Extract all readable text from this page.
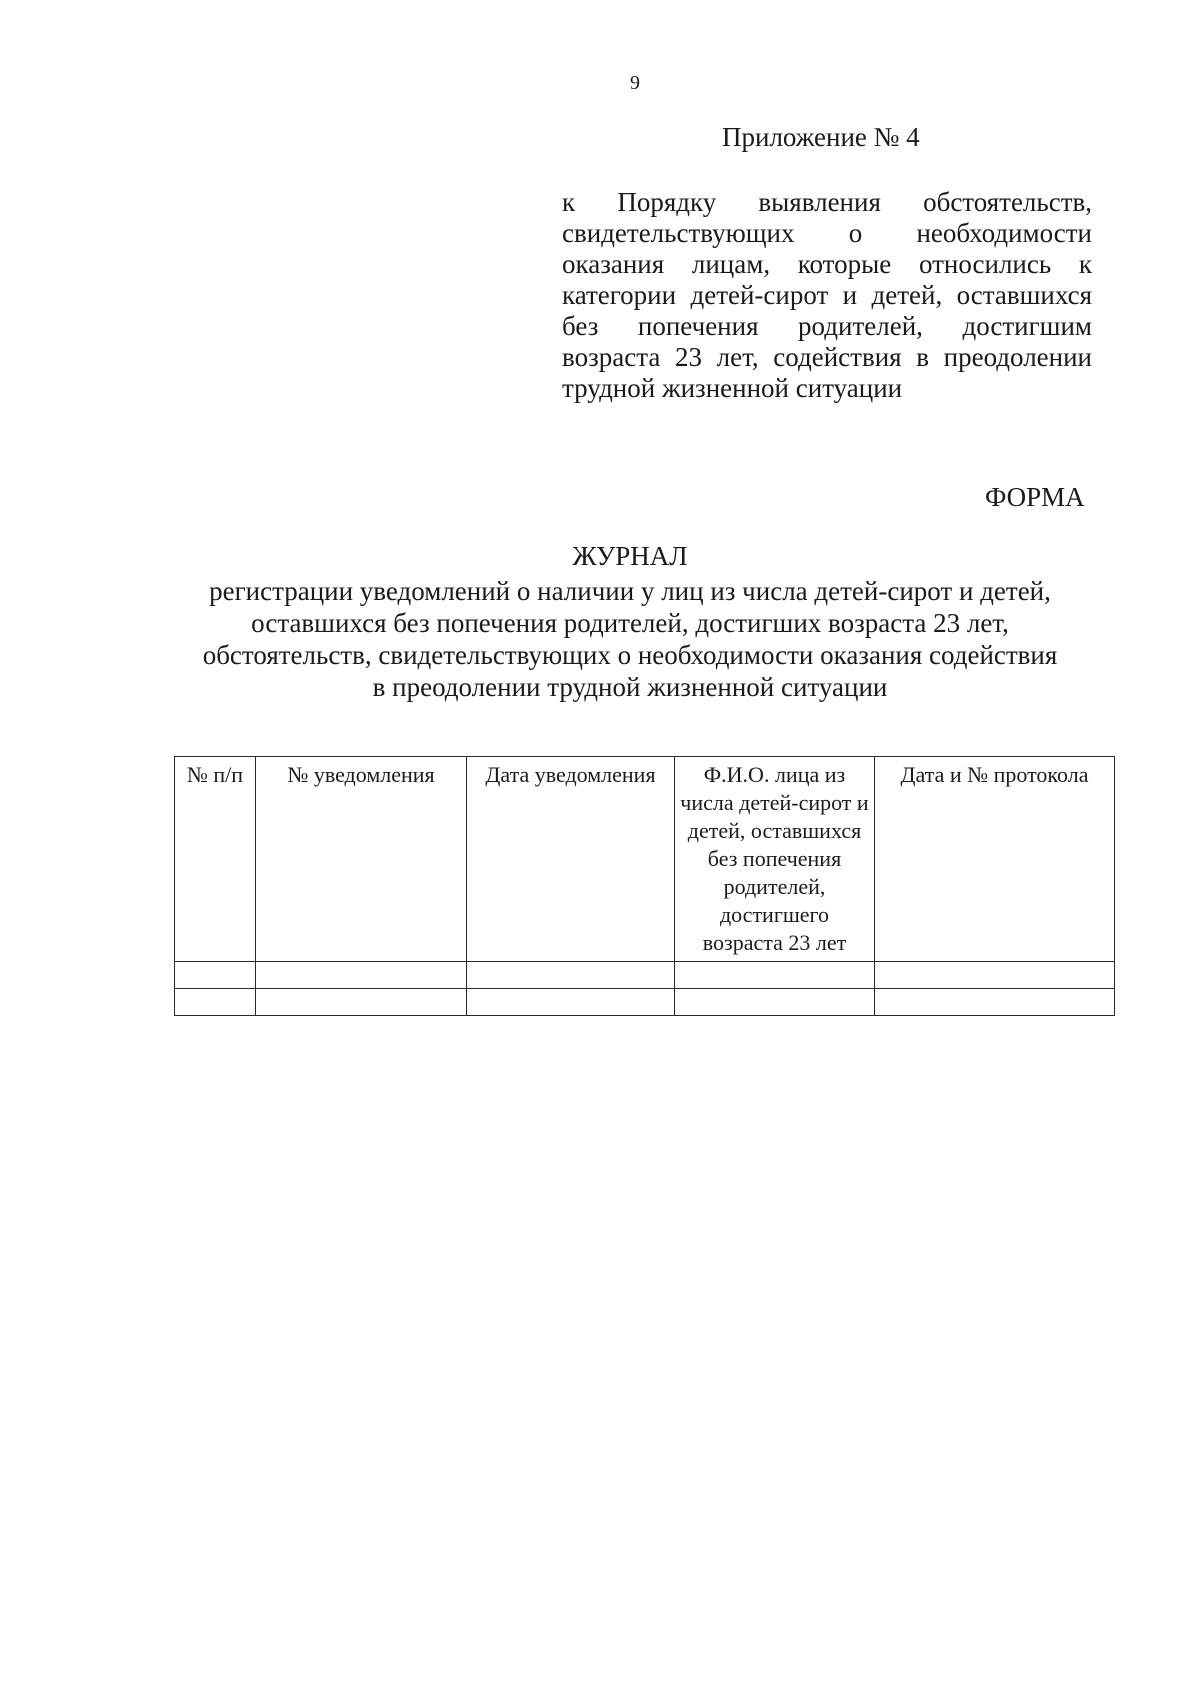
9
Приложение № 4
к Порядку выявления обстоятельств,
свидетельствующих о необходимости
оказания лицам, которые относились к
категории детей-сирот и детей, оставшихся
без попечения родителей, достигшим
возраста 23 лет, содействия в преодолении
трудной жизненной ситуации
ФОРМА
ЖУРНАЛ
регистрации уведомлений о наличии у лиц из числа детей-сирот и детей,
оставшихся без попечения родителей, достигших возраста 23 лет,
обстоятельств, свидетельствующих о необходимости оказания содействия
в преодолении трудной жизненной ситуации
№ п/п	№ уведомления	Дата уведомления	Ф.И.О. лица из числа детей-сирот и детей, оставшихся без попечения родителей, достигшего возраста 23 лет	Дата и № протокола
